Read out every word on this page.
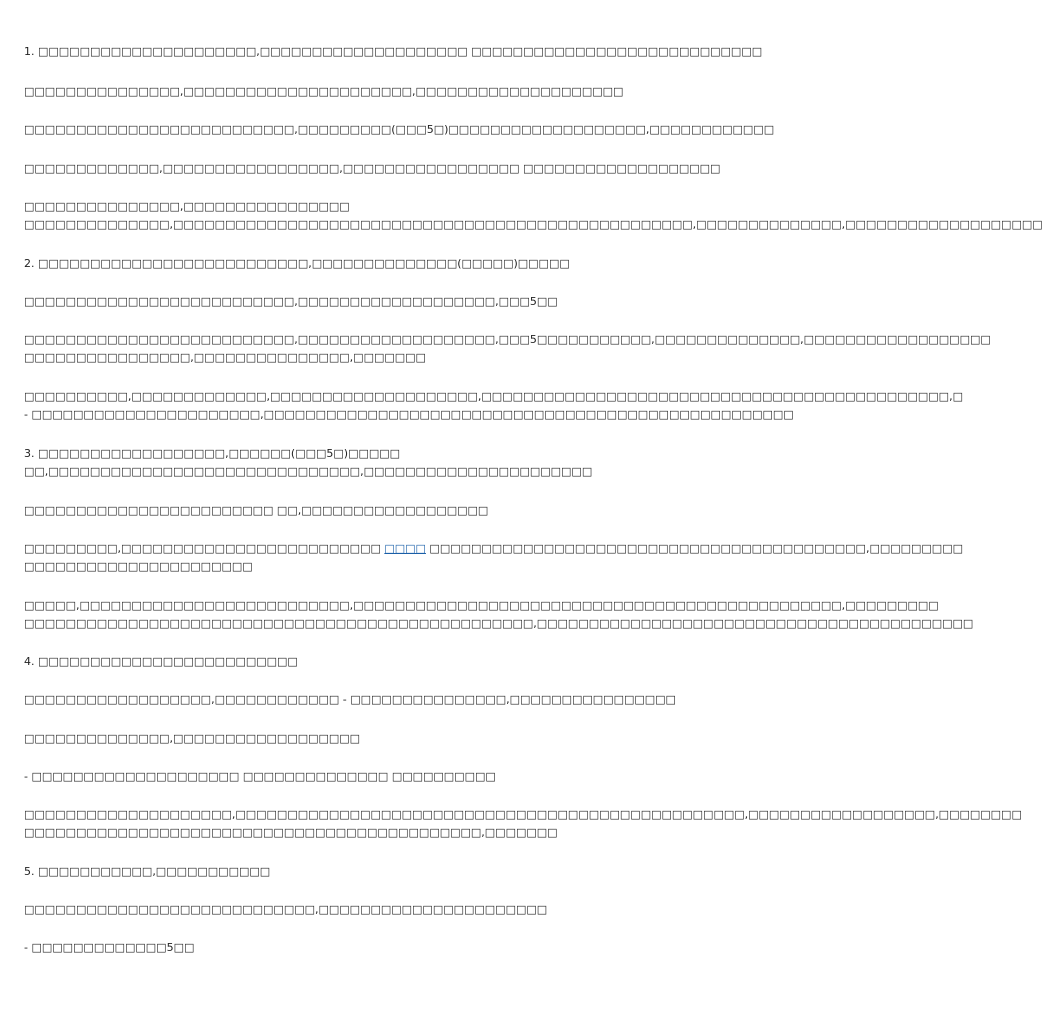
1. □□□□□□□□□□□□□□□□□□□□□,□□□□□□□□□□□□□□□□□□□□ □□□□□□□□□□□□□□□□□□□□□□□□□□□□
□□□□□□□□□□□□□□□,□□□□□□□□□□□□□□□□□□□□□□,□□□□□□□□□□□□□□□□□□□□
□□□□□□□□□□□□□□□□□□□□□□□□□□,□□□□□□□□□(□□□5□)□□□□□□□□□□□□□□□□□□□,□□□□□□□□□□□□
□□□□□□□□□□□□□,□□□□□□□□□□□□□□□□□,□□□□□□□□□□□□□□□□□ □□□□□□□□□□□□□□□□□□□
□□□□□□□□□□□□□□□,□□□□□□□□□□□□□□□□
□□□□□□□□□□□□□□,□□□□□□□□□□□□□□□□□□□□□□□□□□□□□□□□□□□□□□□□□□□□□□□□□□,□□□□□□□□□□□□□□,□□□□□□□□□□□□□□□□□□□
2. □□□□□□□□□□□□□□□□□□□□□□□□□□,□□□□□□□□□□□□□□(□□□□□)□□□□□
□□□□□□□□□□□□□□□□□□□□□□□□□□,□□□□□□□□□□□□□□□□□□□,□□□5□□
□□□□□□□□□□□□□□□□□□□□□□□□□□,□□□□□□□□□□□□□□□□□□□,□□□5□□□□□□□□□□□,□□□□□□□□□□□□□□,□□□□□□□□□□□□□□□□□□
□□□□□□□□□□□□□□□□,□□□□□□□□□□□□□□□,□□□□□□□
□□□□□□□□□□,□□□□□□□□□□□□□,□□□□□□□□□□□□□□□□□□□□,□□□□□□□□□□□□□□□□□□□□□□□□□□□□□□□□□□□□□□□□□□□□□,□
- □□□□□□□□□□□□□□□□□□□□□□,□□□□□□□□□□□□□□□□□□□□□□□□□□□□□□□□□□□□□□□□□□□□□□□□□□□
3. □□□□□□□□□□□□□□□□□□,□□□□□□(□□□5□)□□□□□
□□,□□□□□□□□□□□□□□□□□□□□□□□□□□□□□□,□□□□□□□□□□□□□□□□□□□□□□
□□□□□□□□□□□□□□□□□□□□□□□□ □□,□□□□□□□□□□□□□□□□□□
□□□□□□□□□,□□□□□□□□□□□□□□□□□□□□□□□□□ □□□□ □□□□□□□□□□□□□□□□□□□□□□□□□□□□□□□□□□□□□□□□□□,□□□□□□□□□
□□□□□□□□□□□□□□□□□□□□□□
□□□□□,□□□□□□□□□□□□□□□□□□□□□□□□□□,□□□□□□□□□□□□□□□□□□□□□□□□□□□□□□□□□□□□□□□□□□□□□□□,□□□□□□□□□
□□□□□□□□□□□□□□□□□□□□□□□□□□□□□□□□□□□□□□□□□□□□□□□□□,□□□□□□□□□□□□□□□□□□□□□□□□□□□□□□□□□□□□□□□□□□
4. □□□□□□□□□□□□□□□□□□□□□□□□□
□□□□□□□□□□□□□□□□□□,□□□□□□□□□□□□ - □□□□□□□□□□□□□□□,□□□□□□□□□□□□□□□□
□□□□□□□□□□□□□□,□□□□□□□□□□□□□□□□□□
- □□□□□□□□□□□□□□□□□□□□ □□□□□□□□□□□□□□ □□□□□□□□□□
□□□□□□□□□□□□□□□□□□□□,□□□□□□□□□□□□□□□□□□□□□□□□□□□□□□□□□□□□□□□□□□□□□□□□□,□□□□□□□□□□□□□□□□□□,□□□□□□□□
□□□□□□□□□□□□□□□□□□□□□□□□□□□□□□□□□□□□□□□□□□□□,□□□□□□□
5. □□□□□□□□□□□,□□□□□□□□□□□
□□□□□□□□□□□□□□□□□□□□□□□□□□□□,□□□□□□□□□□□□□□□□□□□□□□
- □□□□□□□□□□□□□5□□
